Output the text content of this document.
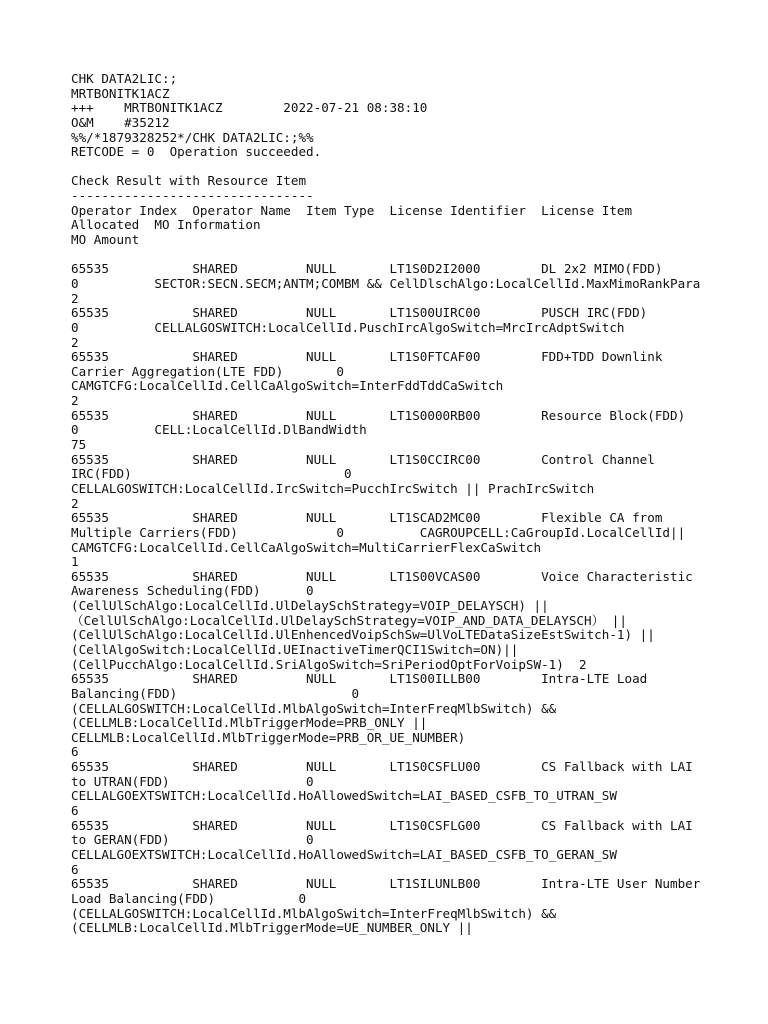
CHK DATA2LIC:;
MRTBONITK1ACZ
+++    MRTBONITK1ACZ        2022-07-21 08:38:10
O&M    #35212
%%/*1879328252*/CHK DATA2LIC:;%%
RETCODE = 0  Operation succeeded.

Check Result with Resource Item
--------------------------------
Operator Index  Operator Name  Item Type  License Identifier  License Item
Allocated  MO Information
MO Amount

65535           SHARED         NULL       LT1S0D2I2000        DL 2x2 MIMO(FDD)
0          SECTOR:SECN.SECM;ANTM;COMBM && CellDlschAlgo:LocalCellId.MaxMimoRankPara
2
65535           SHARED         NULL       LT1S00UIRC00        PUSCH IRC(FDD)
0          CELLALGOSWITCH:LocalCellId.PuschIrcAlgoSwitch=MrcIrcAdptSwitch
2
65535           SHARED         NULL       LT1S0FTCAF00        FDD+TDD Downlink
Carrier Aggregation(LTE FDD)       0
CAMGTCFG:LocalCellId.CellCaAlgoSwitch=InterFddTddCaSwitch
2
65535           SHARED         NULL       LT1S0000RB00        Resource Block(FDD)
0          CELL:LocalCellId.DlBandWidth
75
65535           SHARED         NULL       LT1S0CCIRC00        Control Channel
IRC(FDD)                            0
CELLALGOSWITCH:LocalCellId.IrcSwitch=PucchIrcSwitch || PrachIrcSwitch
2
65535           SHARED         NULL       LT1SCAD2MC00        Flexible CA from
Multiple Carriers(FDD)             0          CAGROUPCELL:CaGroupId.LocalCellId||
CAMGTCFG:LocalCellId.CellCaAlgoSwitch=MultiCarrierFlexCaSwitch
1
65535           SHARED         NULL       LT1S00VCAS00        Voice Characteristic
Awareness Scheduling(FDD)      0
(CellUlSchAlgo:LocalCellId.UlDelaySchStrategy=VOIP_DELAYSCH) ||
（CellUlSchAlgo:LocalCellId.UlDelaySchStrategy=VOIP_AND_DATA_DELAYSCH） ||
(CellUlSchAlgo:LocalCellId.UlEnhencedVoipSchSw=UlVoLTEDataSizeEstSwitch-1) ||
(CellAlgoSwitch:LocalCellId.UEInactiveTimerQCI1Switch=ON)||
(CellPucchAlgo:LocalCellId.SriAlgoSwitch=SriPeriodOptForVoipSW-1)  2
65535           SHARED         NULL       LT1S00ILLB00        Intra-LTE Load
Balancing(FDD)                       0
(CELLALGOSWITCH:LocalCellId.MlbAlgoSwitch=InterFreqMlbSwitch) &&
(CELLMLB:LocalCellId.MlbTriggerMode=PRB_ONLY ||
CELLMLB:LocalCellId.MlbTriggerMode=PRB_OR_UE_NUMBER)
6
65535           SHARED         NULL       LT1S0CSFLU00        CS Fallback with LAI
to UTRAN(FDD)                  0
CELLALGOEXTSWITCH:LocalCellId.HoAllowedSwitch=LAI_BASED_CSFB_TO_UTRAN_SW
6
65535           SHARED         NULL       LT1S0CSFLG00        CS Fallback with LAI
to GERAN(FDD)                  0
CELLALGOEXTSWITCH:LocalCellId.HoAllowedSwitch=LAI_BASED_CSFB_TO_GERAN_SW
6
65535           SHARED         NULL       LT1SILUNLB00        Intra-LTE User Number
Load Balancing(FDD)           0
(CELLALGOSWITCH:LocalCellId.MlbAlgoSwitch=InterFreqMlbSwitch) &&
(CELLMLB:LocalCellId.MlbTriggerMode=UE_NUMBER_ONLY ||
